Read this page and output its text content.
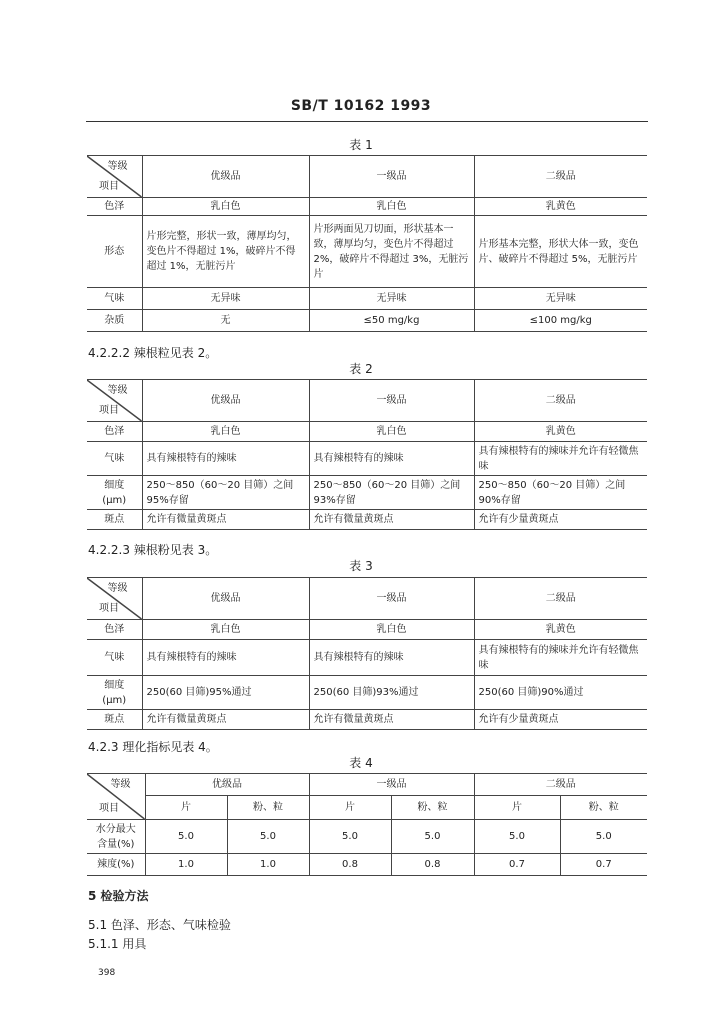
SB/T 10162 1993
表 1
等级
项目	优级品	一级品	二级品
色泽	乳白色	乳白色	乳黄色
形态	片形完整，形状一致，薄厚均匀，变色片不得超过 1%，破碎片不得超过 1%，无脏污片	片形两面见刀切面，形状基本一致，薄厚均匀，变色片不得超过 2%，破碎片不得超过 3%，无脏污片	片形基本完整，形状大体一致，变色片、破碎片不得超过 5%，无脏污片
气味	无异味	无异味	无异味
杂质	无	≤50 mg/kg	≤100 mg/kg
4.2.2.2 辣根粒见表 2。
表 2
等级
项目	优级品	一级品	二级品
色泽	乳白色	乳白色	乳黄色
气味	具有辣根特有的辣味	具有辣根特有的辣味	具有辣根特有的辣味并允许有轻微焦味
细度
(μm)	250～850（60～20 目筛）之间 95%存留	250～850（60～20 目筛）之间 93%存留	250～850（60～20 目筛）之间 90%存留
斑点	允许有微量黄斑点	允许有微量黄斑点	允许有少量黄斑点
4.2.2.3 辣根粉见表 3。
表 3
等级
项目	优级品	一级品	二级品
色泽	乳白色	乳白色	乳黄色
气味	具有辣根特有的辣味	具有辣根特有的辣味	具有辣根特有的辣味并允许有轻微焦味
细度
(μm)	250(60 目筛)95%通过	250(60 目筛)93%通过	250(60 目筛)90%通过
斑点	允许有微量黄斑点	允许有微量黄斑点	允许有少量黄斑点
4.2.3 理化指标见表 4。
表 4
等级
项目	优级品		一级品		二级品	
	片	粉、粒	片	粉、粒	片	粉、粒
水分最大
含量(%)	5.0	5.0	5.0	5.0	5.0	5.0
辣度(%)	1.0	1.0	0.8	0.8	0.7	0.7
5 检验方法
5.1 色泽、形态、气味检验
5.1.1 用具
398
